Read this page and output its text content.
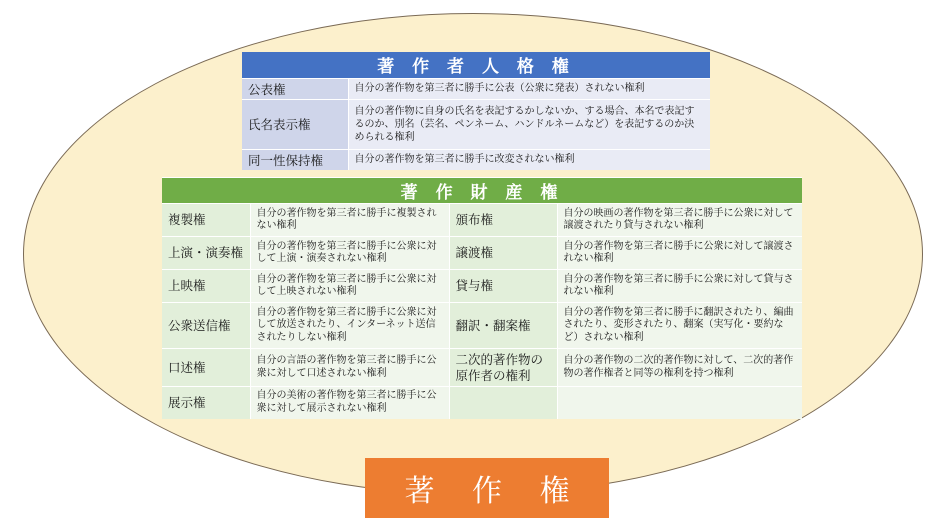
著 作 者 人 格 権	
公表権	自分の著作物を第三者に勝手に公表（公衆に発表）されない権利
氏名表示権	自分の著作物に自身の氏名を表記するかしないか、する場合、本名で表記するのか、別名（芸名、ペンネーム、ハンドルネームなど）を表記するのか決められる権利
同一性保持権	自分の著作物を第三者に勝手に改変されない権利
著 作 財 産 権			
複製権	自分の著作物を第三者に勝手に複製されない権利	頒布権	自分の映画の著作物を第三者に勝手に公衆に対して譲渡されたり貸与されない権利
上演・演奏権	自分の著作物を第三者に勝手に公衆に対して上演・演奏されない権利	譲渡権	自分の著作物を第三者に勝手に公衆に対して譲渡されない権利
上映権	自分の著作物を第三者に勝手に公衆に対して上映されない権利	貸与権	自分の著作物を第三者に勝手に公衆に対して貸与されない権利
公衆送信権	自分の著作物を第三者に勝手に公衆に対して放送されたり、インターネット送信されたりしない権利	翻訳・翻案権	自分の著作物を第三者に勝手に翻訳されたり、編曲されたり、変形されたり、翻案（実写化・要約など）されない権利
口述権	自分の言語の著作物を第三者に勝手に公衆に対して口述されない権利	二次的著作物の原作者の権利	自分の著作物の二次的著作物に対して、二次的著作物の著作権者と同等の権利を持つ権利
展示権	自分の美術の著作物を第三者に勝手に公衆に対して展示されない権利		
著 作 権
